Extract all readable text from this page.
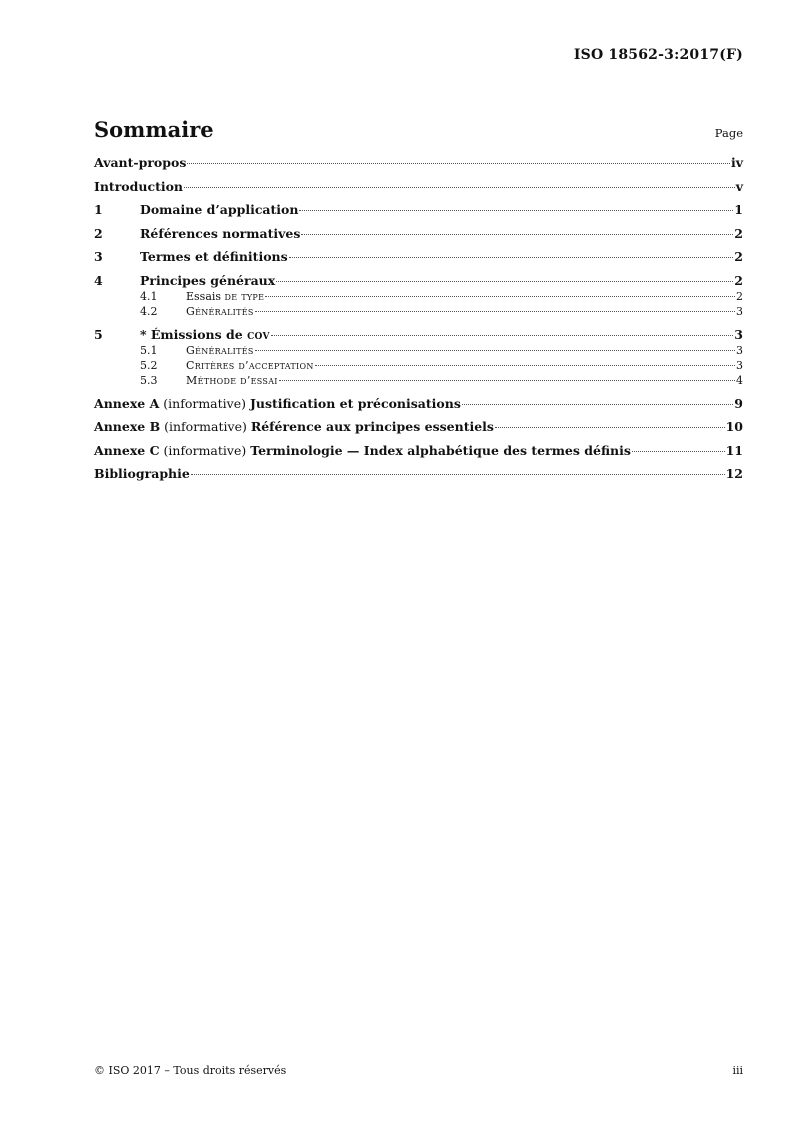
ISO 18562-3:2017(F)
Sommaire	Page
Avant-propos	iv
Introduction	v
1	Domaine d’application	1
2	Références normatives	2
3	Termes et définitions	2
4	Principes généraux	2
4.1	Essais de type	2
4.2	Généralités	3
5	* Émissions de cov	3
5.1	Généralités	3
5.2	Critères d’acceptation	3
5.3	Méthode d’essai	4
Annexe A (informative) Justification et préconisations	9
Annexe B (informative) Référence aux principes essentiels	10
Annexe C (informative) Terminologie — Index alphabétique des termes définis	11
Bibliographie	12
© ISO 2017 – Tous droits réservés	iii
